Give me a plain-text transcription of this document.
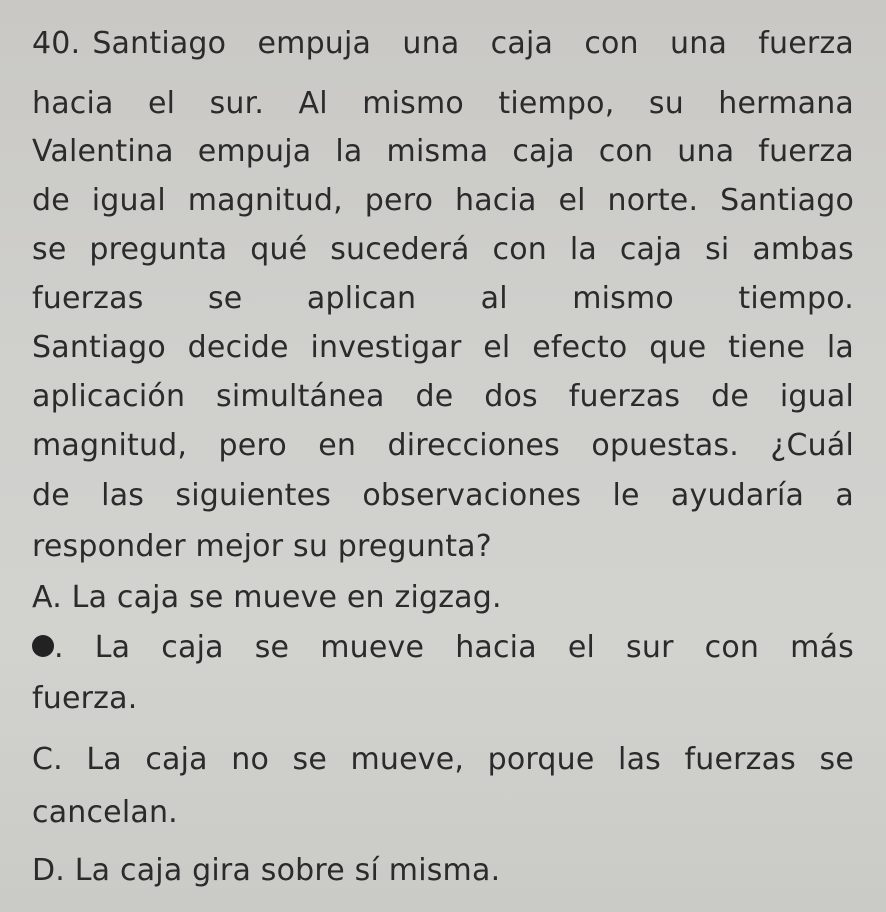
40. Santiago empuja una caja con una fuerza
hacia el sur. Al mismo tiempo, su hermana
Valentina empuja la misma caja con una fuerza
de igual magnitud, pero hacia el norte. Santiago
se pregunta qué sucederá con la caja si ambas
fuerzas se aplican al mismo tiempo.
Santiago decide investigar el efecto que tiene la
aplicación simultánea de dos fuerzas de igual
magnitud, pero en direcciones opuestas. ¿Cuál
de las siguientes observaciones le ayudaría a
responder mejor su pregunta?
A. La caja se mueve en zigzag.
. La caja se mueve hacia el sur con más
fuerza.
C. La caja no se mueve, porque las fuerzas se
cancelan.
D. La caja gira sobre sí misma.
